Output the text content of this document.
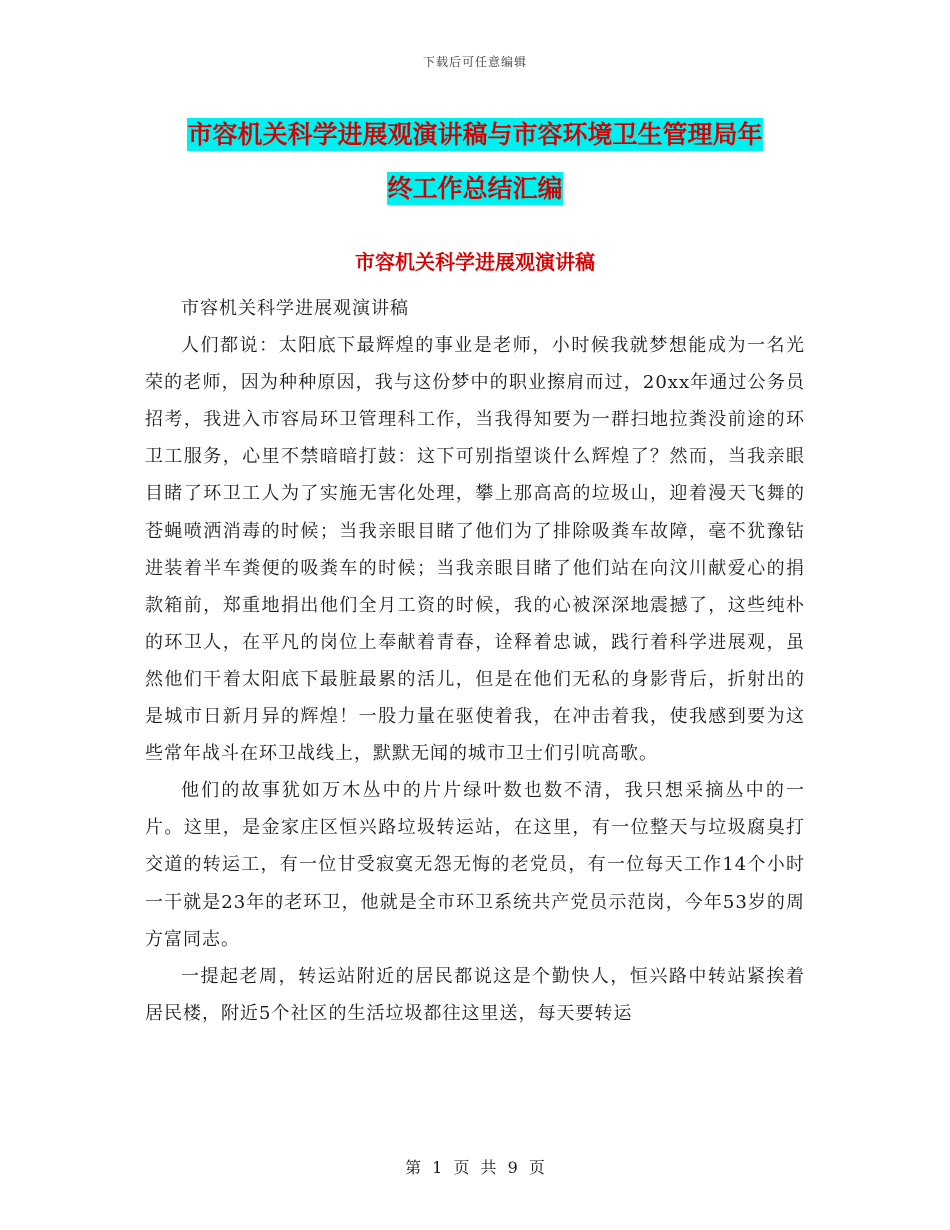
下载后可任意编辑
市容机关科学进展观演讲稿与市容环境卫生管理局年
终工作总结汇编
市容机关科学进展观演讲稿

市容机关科学进展观演讲稿

人们都说：太阳底下最辉煌的事业是老师，小时候我就梦想能成为一名光荣的老师，因为种种原因，我与这份梦中的职业擦肩而过，20xx年通过公务员招考，我进入市容局环卫管理科工作，当我得知要为一群扫地拉粪没前途的环卫工服务，心里不禁暗暗打鼓：这下可别指望谈什么辉煌了？然而，当我亲眼目睹了环卫工人为了实施无害化处理，攀上那高高的垃圾山，迎着漫天飞舞的苍蝇喷洒消毒的时候；当我亲眼目睹了他们为了排除吸粪车故障，毫不犹豫钻进装着半车粪便的吸粪车的时候；当我亲眼目睹了他们站在向汶川献爱心的捐款箱前，郑重地捐出他们全月工资的时候，我的心被深深地震撼了，这些纯朴的环卫人，在平凡的岗位上奉献着青春，诠释着忠诚，践行着科学进展观，虽然他们干着太阳底下最脏最累的活儿，但是在他们无私的身影背后，折射出的是城市日新月异的辉煌！一股力量在驱使着我，在冲击着我，使我感到要为这些常年战斗在环卫战线上，默默无闻的城市卫士们引吭高歌。

他们的故事犹如万木丛中的片片绿叶数也数不清，我只想采摘丛中的一片。这里，是金家庄区恒兴路垃圾转运站，在这里，有一位整天与垃圾腐臭打交道的转运工，有一位甘受寂寞无怨无悔的老党员，有一位每天工作14个小时一干就是23年的老环卫，他就是全市环卫系统共产党员示范岗，今年53岁的周方富同志。

一提起老周，转运站附近的居民都说这是个勤快人，恒兴路中转站紧挨着居民楼，附近5个社区的生活垃圾都往这里送，每天要转运

第 1 页 共 9 页
